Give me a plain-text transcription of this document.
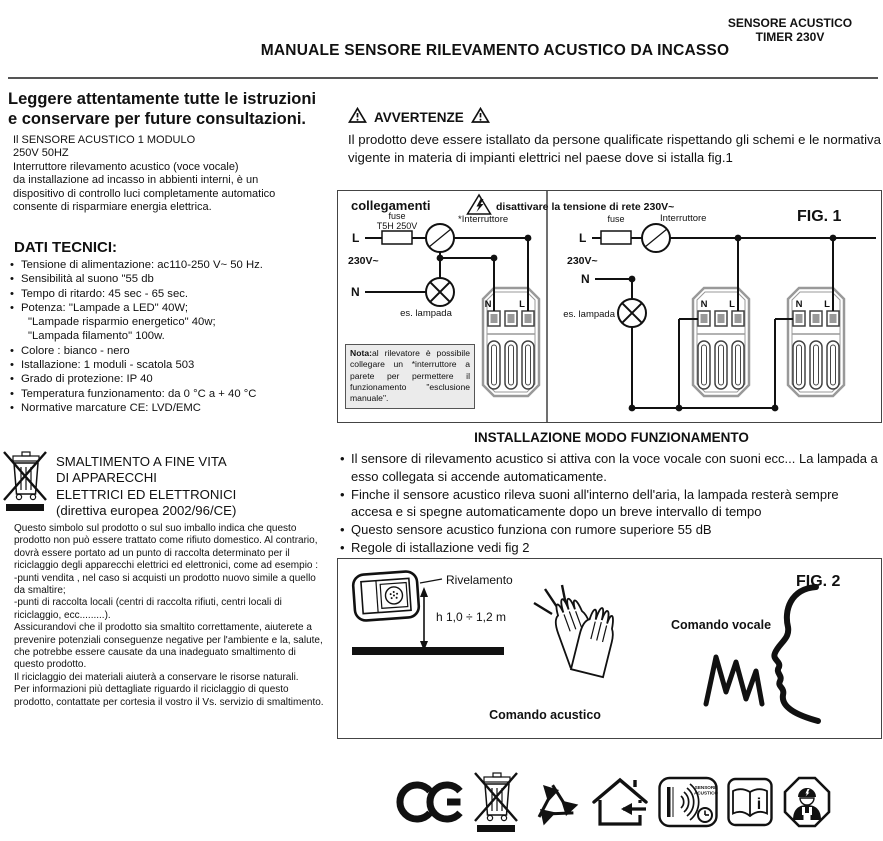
SENSORE ACUSTICO
TIMER 230V
MANUALE SENSORE RILEVAMENTO ACUSTICO DA INCASSO
Leggere attentamente tutte le istruzioni
e conservare per future consultazioni.
Il SENSORE ACUSTICO 1 MODULO
250V 50HZ
Interruttore rilevamento acustico (voce vocale)
da installazione ad incasso in abbienti interni, è un
dispositivo di controllo luci completamente automatico
consente di risparmiare energia elettrica.
DATI TECNICI:
• Tensione di alimentazione: ac110-250 V~ 50 Hz.
• Sensibilità al suono "55 db
• Tempo di ritardo: 45 sec - 65 sec.
• Potenza: ''Lampade a LED" 40W;
"Lampade risparmio energetico" 40w;
"Lampada filamento" 100w.
• Colore : bianco - nero
• Istallazione: 1 moduli - scatola 503
• Grado di protezione: IP 40
• Temperatura funzionamento: da 0 °C a + 40 °C
• Normative marcature CE: LVD/EMC
SMALTIMENTO A FINE VITA
DI APPARECCHI
ELETTRICI ED ELETTRONICI
(direttiva europea 2002/96/CE)

Questo simbolo sul prodotto o sul suo imballo indica che questo prodotto non può essere trattato come rifiuto domestico. Al contrario, dovrà essere portato ad un punto di raccolta determinato per il riciclaggio degli apparecchi elettrici ed elettronici, come ad esempio :

-punti vendita , nel caso si acquisti un prodotto nuovo simile a quello da smaltire;

-punti di raccolta locali (centri di raccolta rifiuti, centri locali di riciclaggio, ecc.........).

Assicurandovi che il prodotto sia smaltito correttamente, aiuterete a prevenire potenziali conseguenze negative per l'ambiente e la, salute, che potrebbe essere causate da una inadeguato smaltimento di questo prodotto.

Il riciclaggio dei materiali aiuterà a conservare le risorse naturali.

Per informazioni più dettagliate riguardo il riciclaggio di questo prodotto, contattate per cortesia il vostro il Vs. servizio di smaltimento.

AVVERTENZE
Il prodotto deve essere istallato da persone qualificate rispettando gli schemi e le normativa vigente in materia di impianti elettrici nel paese dove si istalla fig.1
collegamenti	disattivare la tensione di rete 230V~
FIG. 1
L
fuse
T5H 250V
*Interruttore
230V~
N
es. lampada
N	L
L
fuse	Interruttore
230V~
N
es. lampada
N L	N L
Nota:al rilevatore è possibile collegare un *interruttore a parete per permettere il funzionamento "esclusione manuale".
INSTALLAZIONE MODO FUNZIONAMENTO
• Il sensore di rilevamento acustico si attiva con la voce vocale con suoni ecc... La lampada a esso collegata si accende automaticamente.
• Finche il sensore acustico rileva suoni all'interno dell'aria, la lampada resterà sempre accesa e si spegne automaticamente dopo un breve intervallo di tempo
• Questo sensore acustico funziona con rumore superiore 55 dB
• Regole di istallazione vedi fig 2
FIG. 2
Rivelamento
h 1,0 ÷ 1,2 m
Comando acustico
Comando vocale
SENSORE
ACUSTICO
i
